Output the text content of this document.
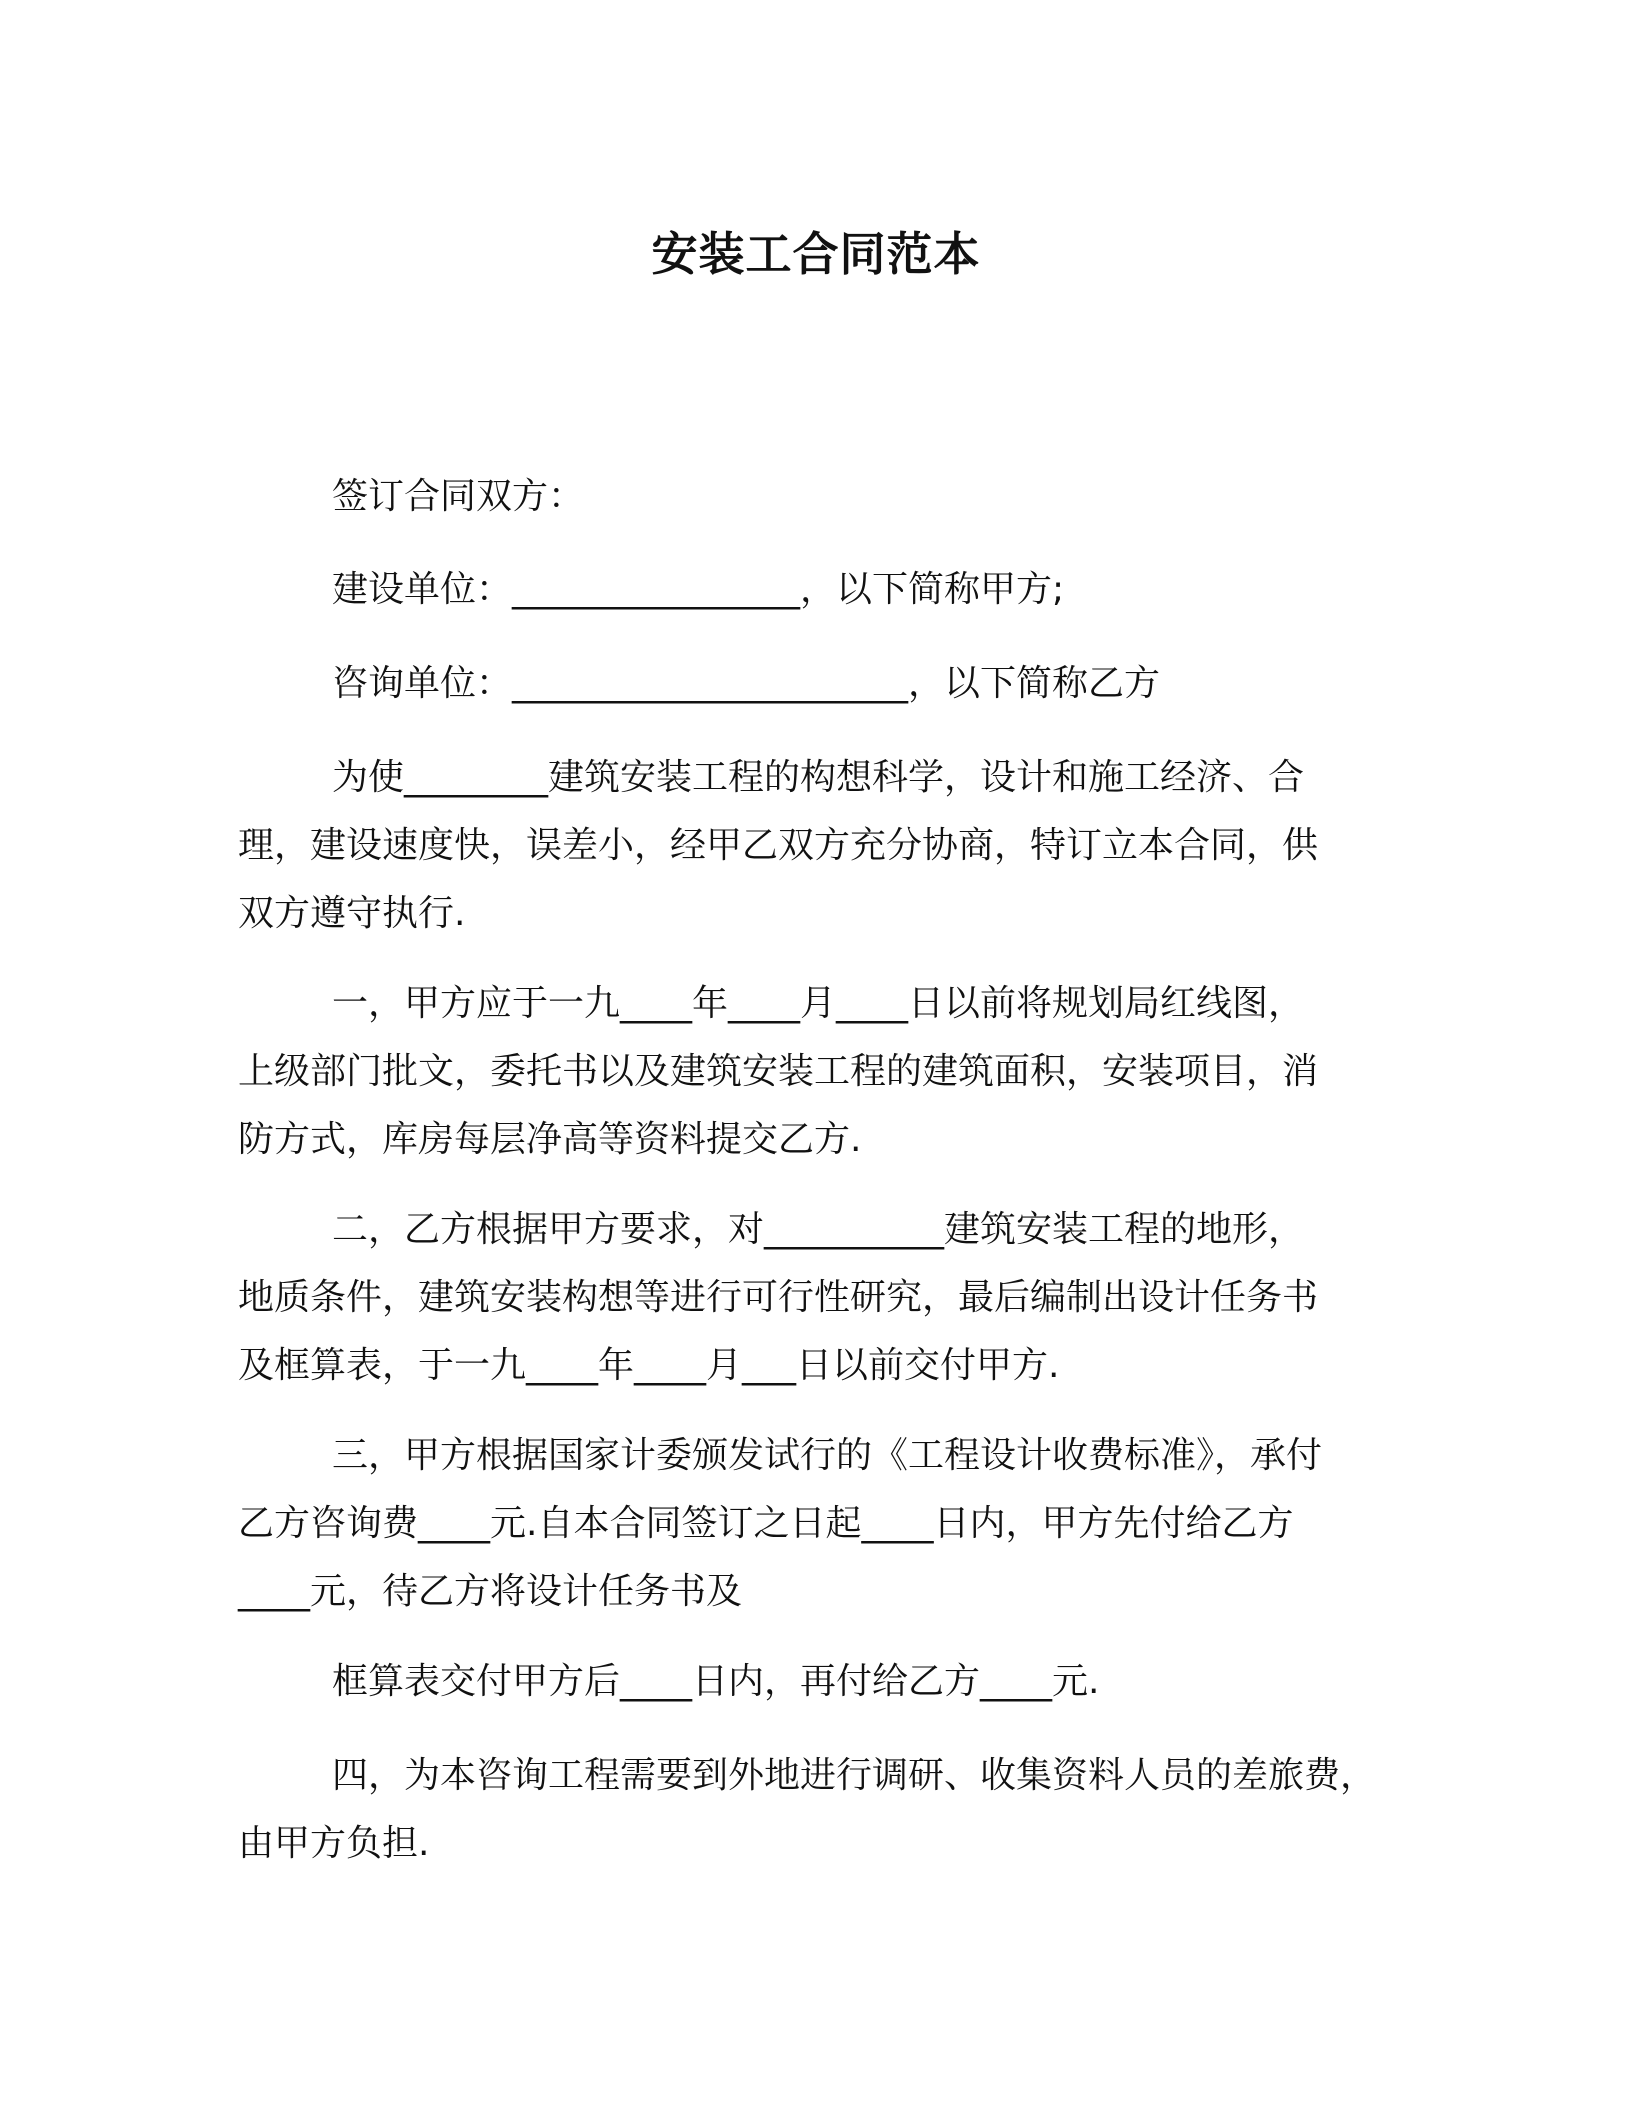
安装工合同范本

签订合同双方：

建设单位：________________，以下简称甲方;

咨询单位：______________________，以下简称乙方

为使________建筑安装工程的构想科学，设计和施工经济、合
理，建设速度快，误差小，经甲乙双方充分协商，特订立本合同，供
双方遵守执行.
一，甲方应于一九____年____月____日以前将规划局红线图，
上级部门批文，委托书以及建筑安装工程的建筑面积，安装项目，消
防方式，库房每层净高等资料提交乙方.
二，乙方根据甲方要求，对__________建筑安装工程的地形，
地质条件，建筑安装构想等进行可行性研究，最后编制出设计任务书
及框算表，于一九____年____月___日以前交付甲方.
三，甲方根据国家计委颁发试行的《工程设计收费标准》，承付
乙方咨询费____元.自本合同签订之日起____日内，甲方先付给乙方
____元，待乙方将设计任务书及

框算表交付甲方后____日内，再付给乙方____元.

四，为本咨询工程需要到外地进行调研、收集资料人员的差旅费，
由甲方负担.
